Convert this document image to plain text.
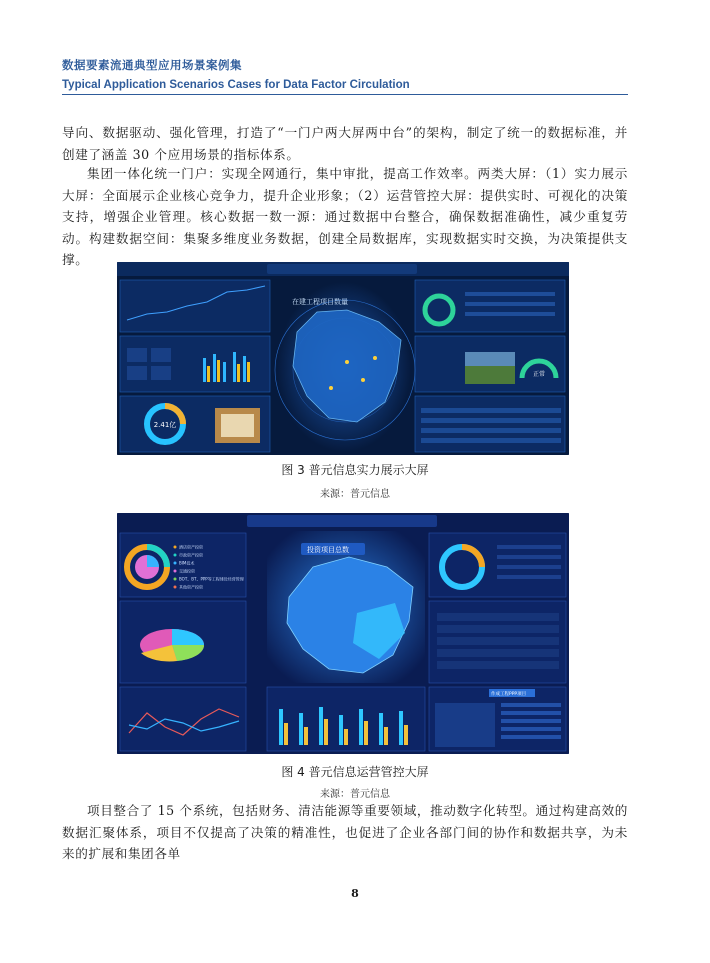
数据要素流通典型应用场景案例集
Typical Application Scenarios Cases for Data Factor Circulation

导向、数据驱动、强化管理，打造了“一门户两大屏两中台”的架构，制定了统一的数据标准，并创建了涵盖 30 个应用场景的指标体系。

集团一体化统一门户：实现全网通行，集中审批，提高工作效率。两类大屏：（1）实力展示大屏：全面展示企业核心竞争力，提升企业形象；（2）运营管控大屏：提供实时、可视化的决策支持，增强企业管理。核心数据一数一源：通过数据中台整合，确保数据准确性，减少重复劳动。构建数据空间：集聚多维度业务数据，创建全局数据库，实现数据实时交换，为决策提供支撑。

2.41亿
在建工程项目数量
正常
图 3 普元信息实力展示大屏
来源：普元信息
酒店资产投资
市政资产投资
BIM技术
交通投资
BOT、BT、PPP等工程建设经营管理
其他资产投资
投资项目总数
作成工程PPP项目
图 4 普元信息运营管控大屏
来源：普元信息

项目整合了 15 个系统，包括财务、清洁能源等重要领域，推动数字化转型。通过构建高效的数据汇聚体系，项目不仅提高了决策的精准性，也促进了企业各部门间的协作和数据共享，为未来的扩展和集团各单

8
